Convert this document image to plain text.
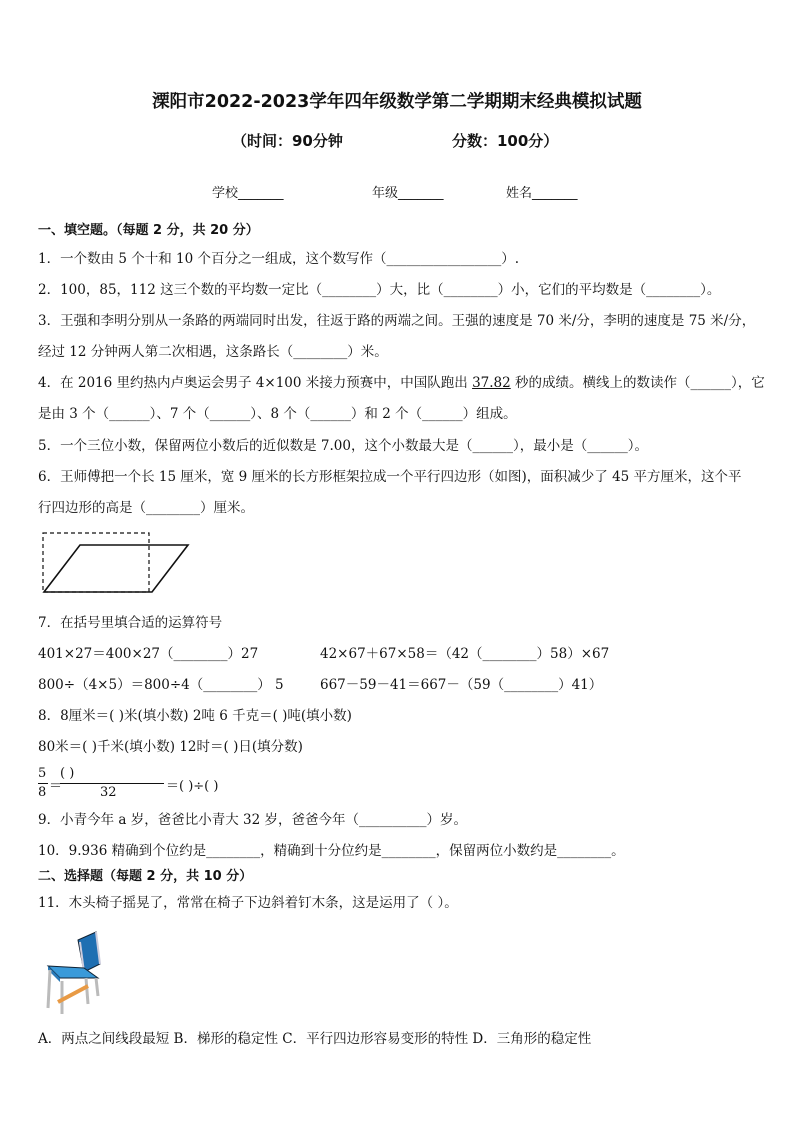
溧阳市2022-2023学年四年级数学第二学期期末经典模拟试题
（时间：90分钟	分数：100分）
学校_______	年级_______	姓名_______
一、填空题。（每题 2 分，共 20 分）
1．一个数由 5 个十和 10 个百分之一组成，这个数写作（_________________）.
2．100，85，112 这三个数的平均数一定比（________）大，比（________）小，它们的平均数是（________）。
3．王强和李明分别从一条路的两端同时出发，往返于路的两端之间。王强的速度是 70 米/分，李明的速度是 75 米/分，
经过 12 分钟两人第二次相遇，这条路长（________）米。
4．在 2016 里约热内卢奥运会男子 4×100 米接力预赛中，中国队跑出 37.82 秒的成绩。横线上的数读作（______），它
是由 3 个（______）、7 个（______）、8 个（______）和 2 个（______）组成。
5．一个三位小数，保留两位小数后的近似数是 7.00，这个小数最大是（______），最小是（______）。
6．王师傅把一个长 15 厘米，宽 9 厘米的长方形框架拉成一个平行四边形（如图)，面积减少了 45 平方厘米，这个平
行四边形的高是（________）厘米。
7．在括号里填合适的运算符号
401×27＝400×27（________）27	42×67＋67×58＝（42（________）58）×67
800÷（4×5）＝800÷4（________） 5	667－59－41＝667－（59（________）41）
8．8厘米＝( )米(填小数) 2吨 6 千克＝( )吨(填小数)
80米＝( )千米(填小数) 12时＝( )日(填分数)
5
8 ＝
( )
32	＝( )÷( )
9．小青今年 a 岁，爸爸比小青大 32 岁，爸爸今年（__________）岁。
10．9.936 精确到个位约是________，精确到十分位约是________，保留两位小数约是________。
二、选择题（每题 2 分，共 10 分）
11．木头椅子摇晃了，常常在椅子下边斜着钉木条，这是运用了（ ）。
A．两点之间线段最短 B．梯形的稳定性 C．平行四边形容易变形的特性 D．三角形的稳定性
